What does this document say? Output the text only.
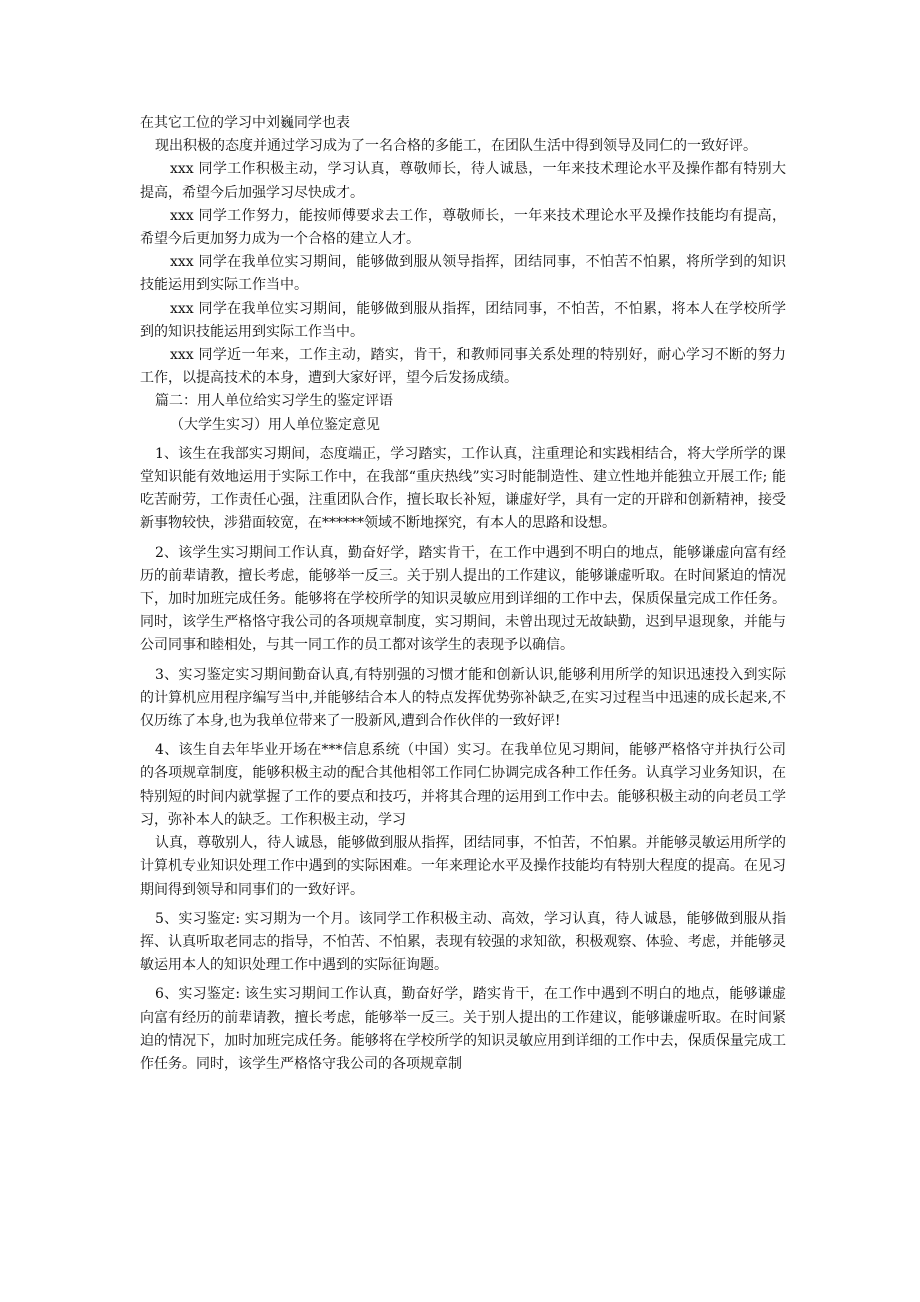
在其它工位的学习中刘巍同学也表

现出积极的态度并通过学习成为了一名合格的多能工，在团队生活中得到领导及同仁的一致好评。

xxx 同学工作积极主动，学习认真，尊敬师长，待人诚恳，一年来技术理论水平及操作都有特别大提高，希望今后加强学习尽快成才。

xxx 同学工作努力，能按师傅要求去工作，尊敬师长，一年来技术理论水平及操作技能均有提高，希望今后更加努力成为一个合格的建立人才。

xxx 同学在我单位实习期间，能够做到服从领导指挥，团结同事，不怕苦不怕累，将所学到的知识技能运用到实际工作当中。

xxx 同学在我单位实习期间，能够做到服从指挥，团结同事，不怕苦，不怕累，将本人在学校所学到的知识技能运用到实际工作当中。

xxx 同学近一年来，工作主动，踏实，肯干，和教师同事关系处理的特别好，耐心学习不断的努力工作，以提高技术的本身，遭到大家好评，望今后发扬成绩。

篇二：用人单位给实习学生的鉴定评语

（大学生实习）用人单位鉴定意见

1、该生在我部实习期间，态度端正，学习踏实，工作认真，注重理论和实践相结合，将大学所学的课堂知识能有效地运用于实际工作中，在我部“重庆热线”实习时能制造性、建立性地并能独立开展工作; 能吃苦耐劳，工作责任心强，注重团队合作，擅长取长补短，谦虚好学，具有一定的开辟和创新精神，接受新事物较快，涉猎面较宽，在******领域不断地探究，有本人的思路和设想。

2、该学生实习期间工作认真，勤奋好学，踏实肯干，在工作中遇到不明白的地点，能够谦虚向富有经历的前辈请教，擅长考虑，能够举一反三。关于别人提出的工作建议，能够谦虚听取。在时间紧迫的情况下，加时加班完成任务。能够将在学校所学的知识灵敏应用到详细的工作中去，保质保量完成工作任务。同时，该学生严格恪守我公司的各项规章制度，实习期间，未曾出现过无故缺勤，迟到早退现象，并能与公司同事和睦相处，与其一同工作的员工都对该学生的表现予以确信。

3、实习鉴定实习期间勤奋认真,有特别强的习惯才能和创新认识,能够利用所学的知识迅速投入到实际的计算机应用程序编写当中,并能够结合本人的特点发挥优势弥补缺乏,在实习过程当中迅速的成长起来,不仅历练了本身,也为我单位带来了一股新风,遭到合作伙伴的一致好评!

4、该生自去年毕业开场在***信息系统（中国）实习。在我单位见习期间，能够严格恪守并执行公司的各项规章制度，能够积极主动的配合其他相邻工作同仁协调完成各种工作任务。认真学习业务知识，在特别短的时间内就掌握了工作的要点和技巧，并将其合理的运用到工作中去。能够积极主动的向老员工学习，弥补本人的缺乏。工作积极主动，学习

认真，尊敬别人，待人诚恳，能够做到服从指挥，团结同事，不怕苦，不怕累。并能够灵敏运用所学的计算机专业知识处理工作中遇到的实际困难。一年来理论水平及操作技能均有特别大程度的提高。在见习期间得到领导和同事们的一致好评。

5、实习鉴定: 实习期为一个月。该同学工作积极主动、高效，学习认真，待人诚恳，能够做到服从指挥、认真听取老同志的指导，不怕苦、不怕累，表现有较强的求知欲，积极观察、体验、考虑，并能够灵敏运用本人的知识处理工作中遇到的实际征询题。

6、实习鉴定: 该生实习期间工作认真，勤奋好学，踏实肯干，在工作中遇到不明白的地点，能够谦虚向富有经历的前辈请教，擅长考虑，能够举一反三。关于别人提出的工作建议，能够谦虚听取。在时间紧迫的情况下，加时加班完成任务。能够将在学校所学的知识灵敏应用到详细的工作中去，保质保量完成工作任务。同时，该学生严格恪守我公司的各项规章制
